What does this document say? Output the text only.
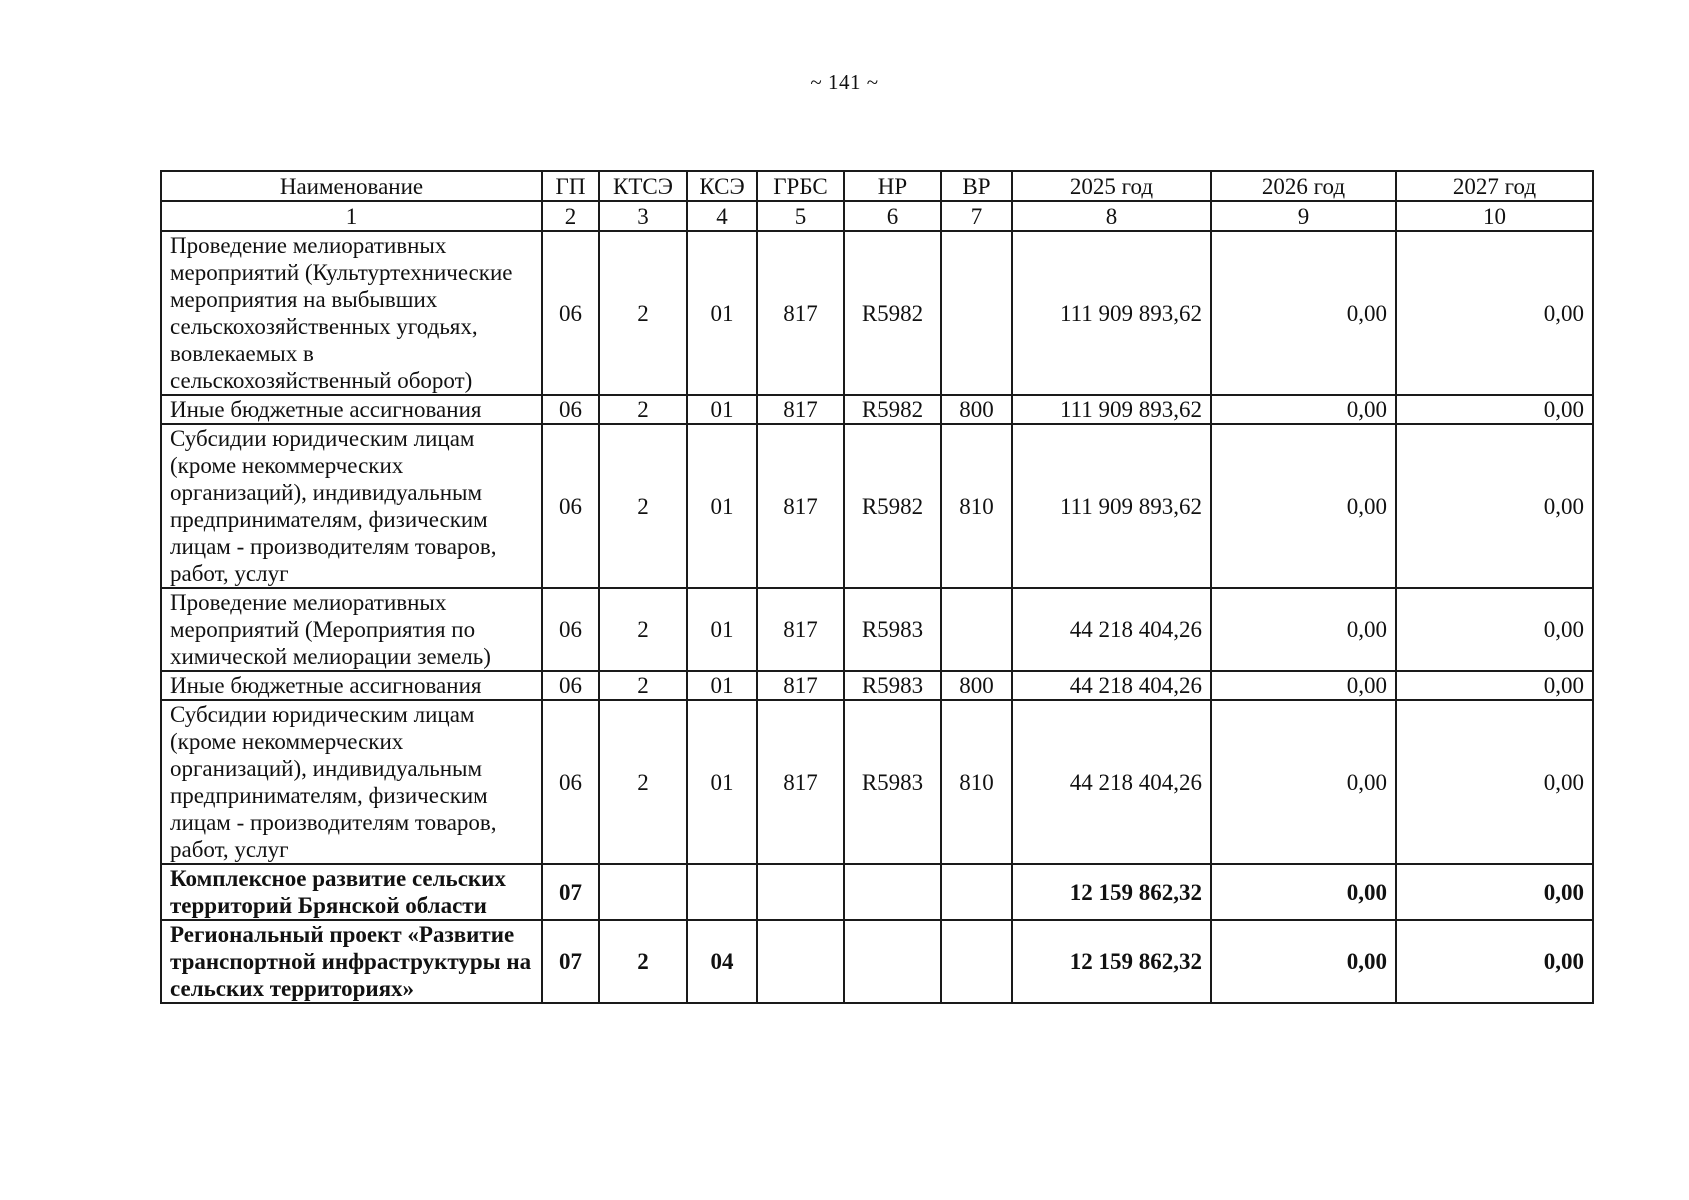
~ 141 ~
Наименование	ГП	КТСЭ	КСЭ	ГРБС	НР	ВР	2025 год	2026 год	2027 год
1	2	3	4	5	6	7	8	9	10
Проведение мелиоративных мероприятий (Культуртехнические мероприятия на выбывших сельскохозяйственных угодьях, вовлекаемых в сельскохозяйственный оборот)	06	2	01	817	R5982		111 909 893,62	0,00	0,00
Иные бюджетные ассигнования	06	2	01	817	R5982	800	111 909 893,62	0,00	0,00
Субсидии юридическим лицам (кроме некоммерческих организаций), индивидуальным предпринимателям, физическим лицам - производителям товаров, работ, услуг	06	2	01	817	R5982	810	111 909 893,62	0,00	0,00
Проведение мелиоративных мероприятий (Мероприятия по химической мелиорации земель)	06	2	01	817	R5983		44 218 404,26	0,00	0,00
Иные бюджетные ассигнования	06	2	01	817	R5983	800	44 218 404,26	0,00	0,00
Субсидии юридическим лицам (кроме некоммерческих организаций), индивидуальным предпринимателям, физическим лицам - производителям товаров, работ, услуг	06	2	01	817	R5983	810	44 218 404,26	0,00	0,00
Комплексное развитие сельских территорий Брянской области	07						12 159 862,32	0,00	0,00
Региональный проект «Развитие транспортной инфраструктуры на сельских территориях»	07	2	04				12 159 862,32	0,00	0,00
